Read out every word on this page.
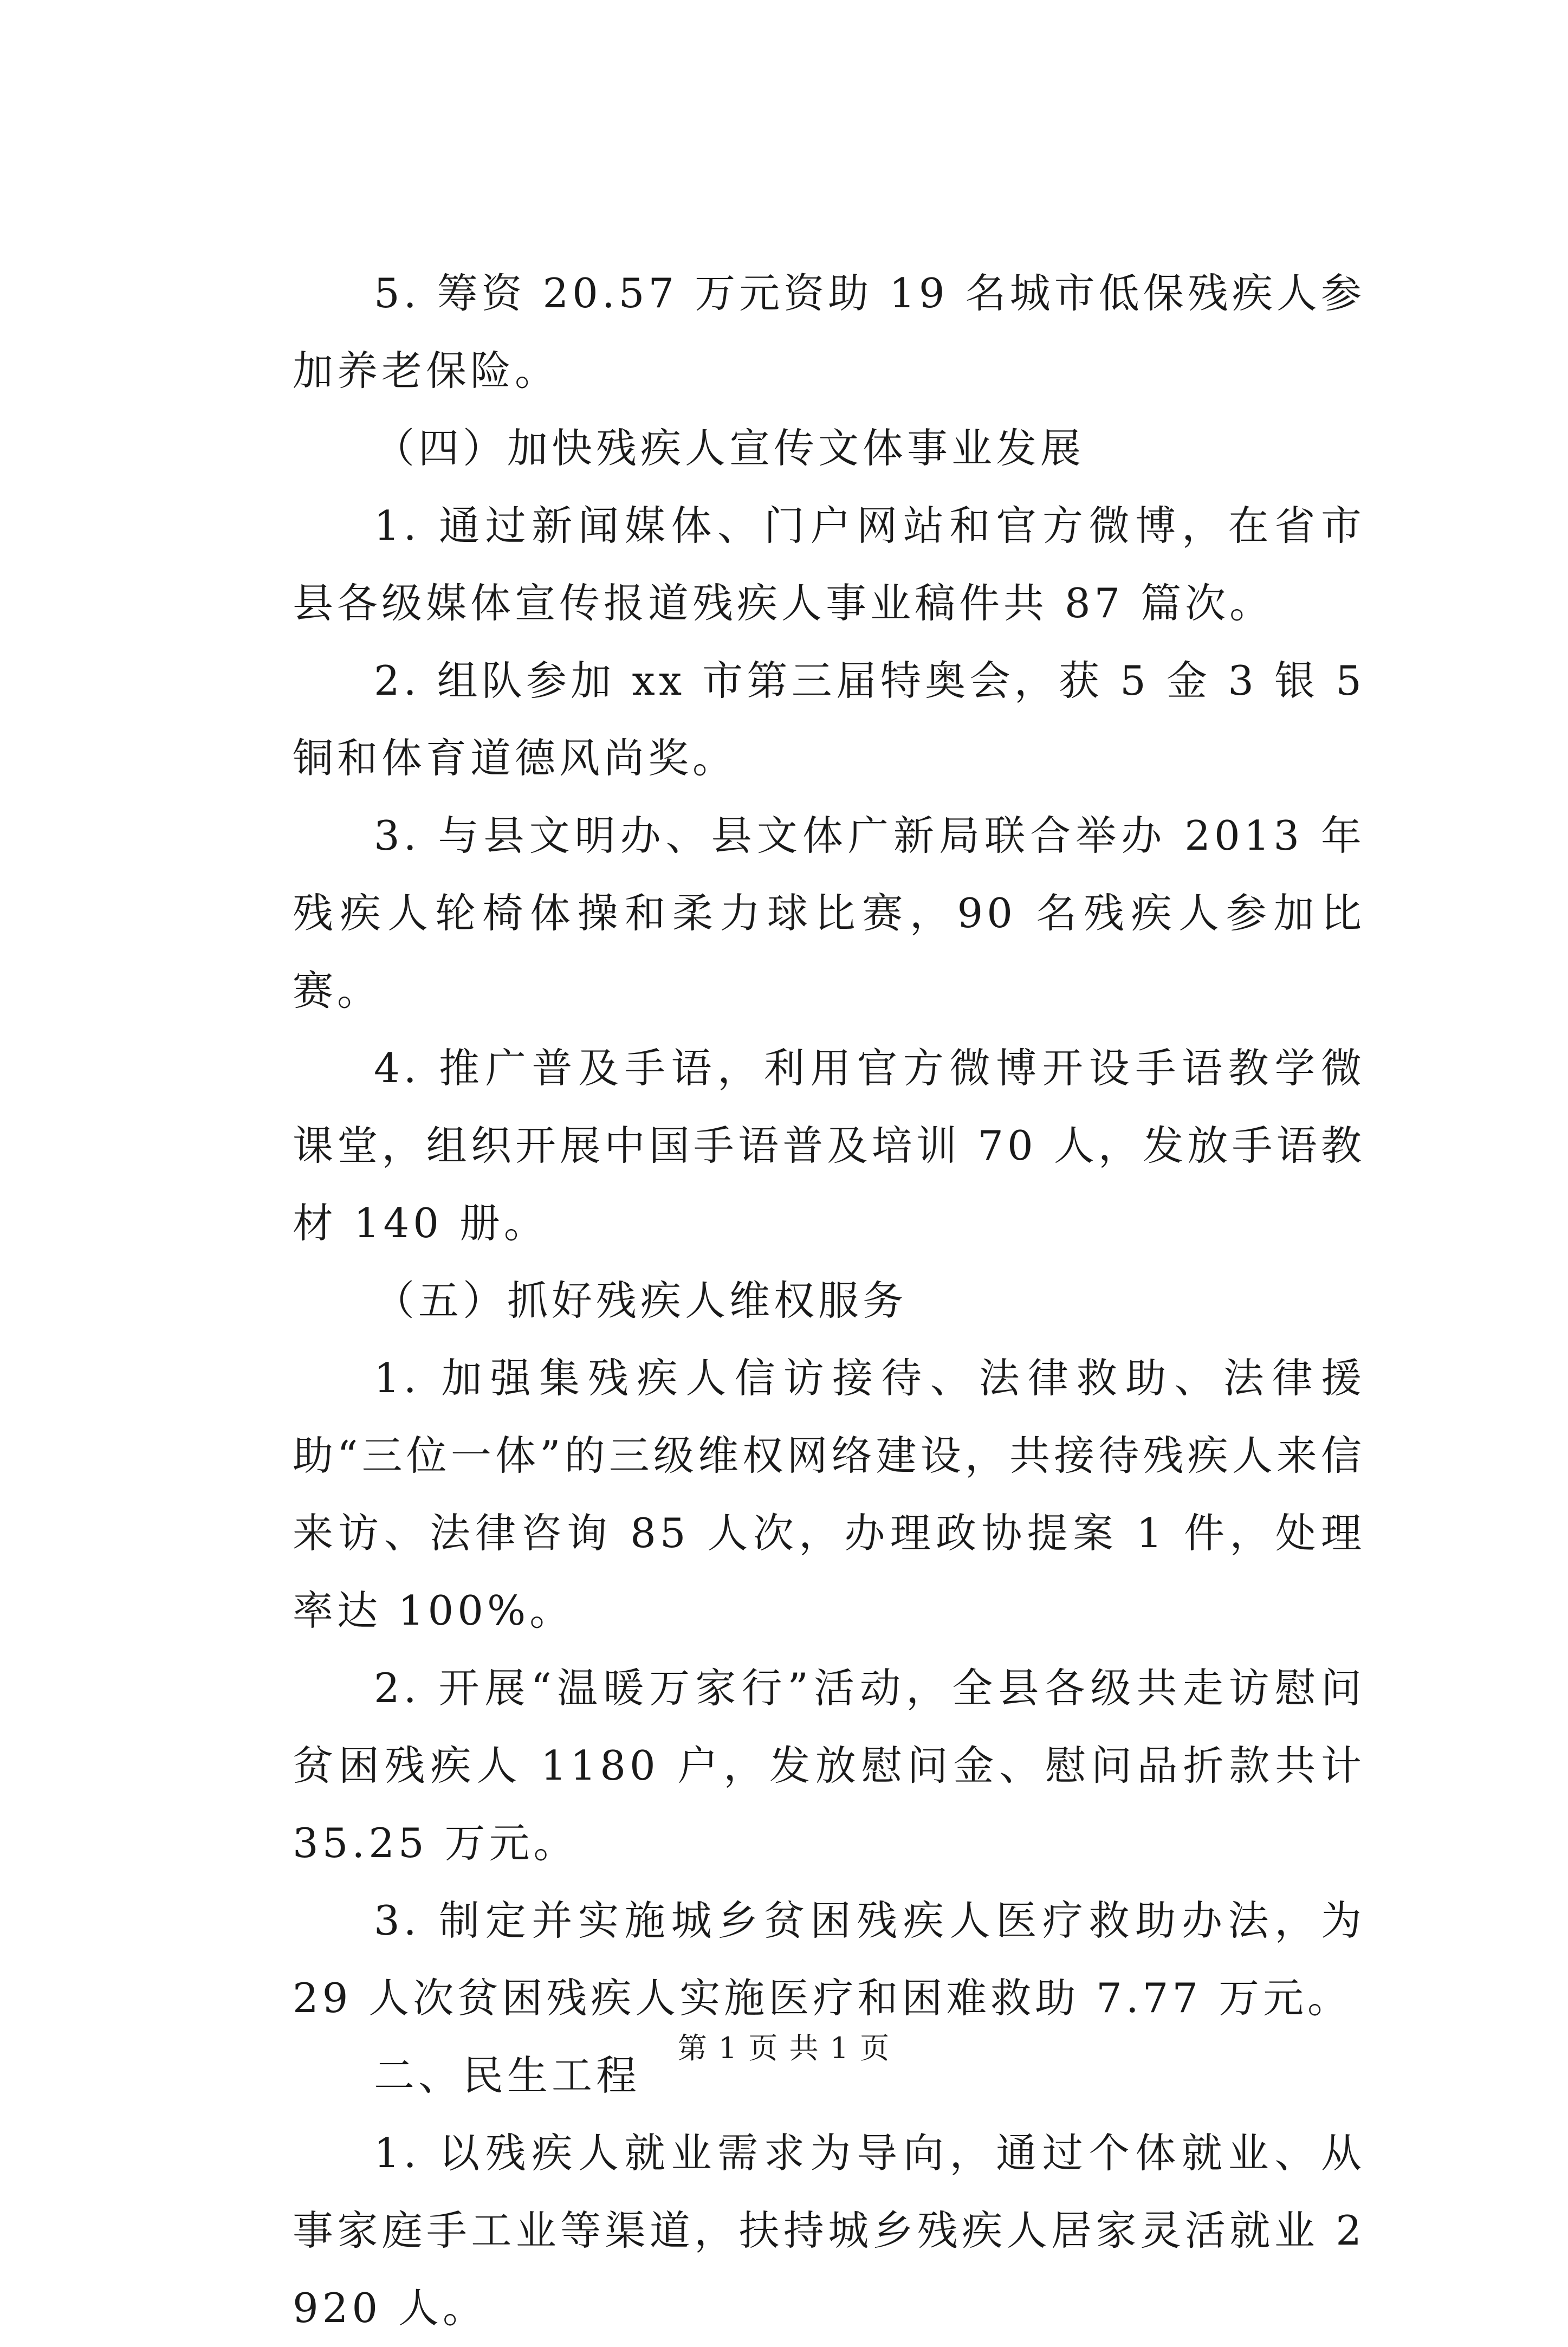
5. 筹资 20.57 万元资助 19 名城市低保残疾人参加养老保险。

（四）加快残疾人宣传文体事业发展

1. 通过新闻媒体、门户网站和官方微博，在省市县各级媒体宣传报道残疾人事业稿件共 87 篇次。

2. 组队参加 xx 市第三届特奥会，获 5 金 3 银 5 铜和体育道德风尚奖。

3. 与县文明办、县文体广新局联合举办 2013 年残疾人轮椅体操和柔力球比赛，90 名残疾人参加比赛。

4. 推广普及手语，利用官方微博开设手语教学微课堂，组织开展中国手语普及培训 70 人，发放手语教材 140 册。

（五）抓好残疾人维权服务

1. 加强集残疾人信访接待、法律救助、法律援助“三位一体”的三级维权网络建设，共接待残疾人来信来访、法律咨询 85 人次，办理政协提案 1 件，处理率达 100%。

2. 开展“温暖万家行”活动，全县各级共走访慰问贫困残疾人 1180 户，发放慰问金、慰问品折款共计 35.25 万元。

3. 制定并实施城乡贫困残疾人医疗救助办法，为 29 人次贫困残疾人实施医疗和困难救助 7.77 万元。

二、民生工程

1. 以残疾人就业需求为导向，通过个体就业、从事家庭手工业等渠道，扶持城乡残疾人居家灵活就业 2920 人。

第 1 页 共 1 页
